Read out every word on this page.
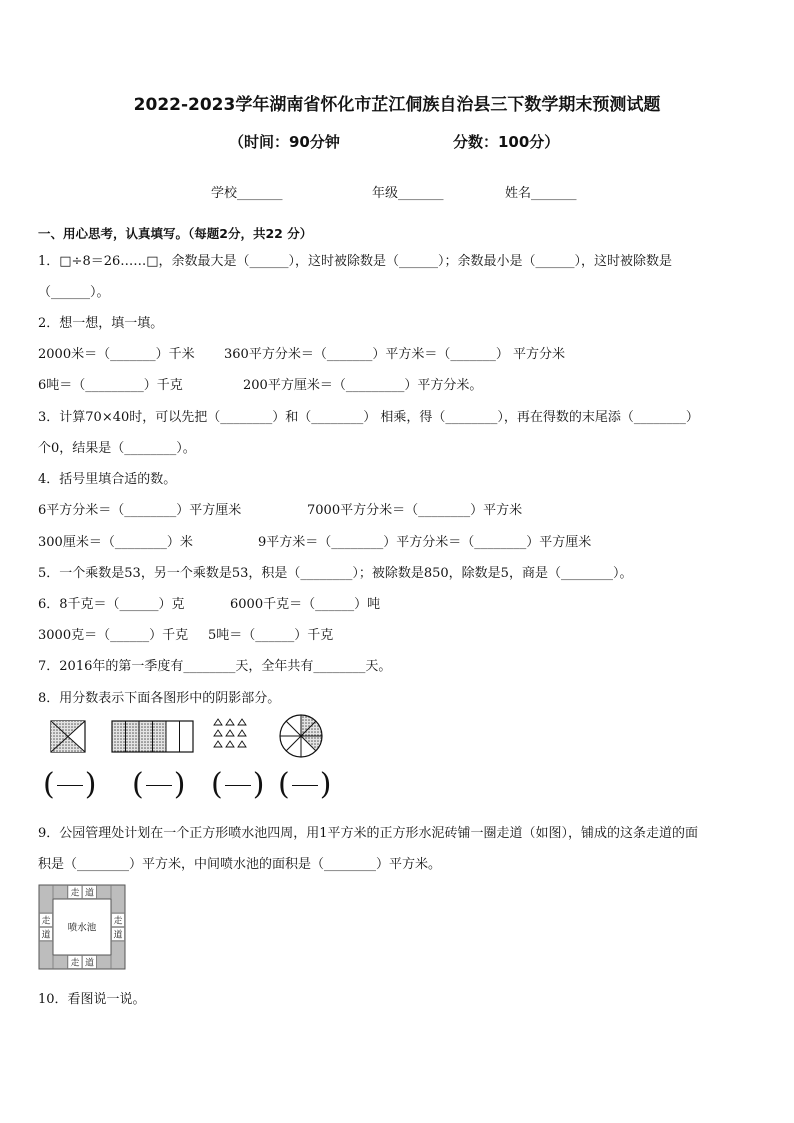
2022-2023学年湖南省怀化市芷江侗族自治县三下数学期末预测试题
（时间：90分钟	分数：100分）
学校_______	年级_______	姓名_______
一、用心思考，认真填写。（每题2分，共22 分）
1．□÷8＝26……□，余数最大是（______），这时被除数是（______）；余数最小是（______），这时被除数是
（______）。
2．想一想，填一填。
2000米＝（_______）千米 360平方分米＝（_______）平方米＝（_______） 平方分米
6吨＝（_________）千克	200平方厘米＝（_________）平方分米。
3．计算70×40时，可以先把（________）和（________） 相乘，得（________），再在得数的末尾添（________）
个0，结果是（________）。
4．括号里填合适的数。
6平方分米＝（________）平方厘米	7000平方分米＝（________）平方米
300厘米＝（________）米	9平方米＝（________）平方分米＝（________）平方厘米
5．一个乘数是53，另一个乘数是53，积是（________）；被除数是850，除数是5，商是（________）。
6．8千克＝（______）克	6000千克＝（______）吨
3000克＝（______）千克 5吨＝（______）千克
7．2016年的第一季度有________天，全年共有________天。
8．用分数表示下面各图形中的阴影部分。
( ) ( ) ( ) ( )
9．公园管理处计划在一个正方形喷水池四周，用1平方米的正方形水泥砖铺一圈走道（如图），铺成的这条走道的面
积是（________）平方米，中间喷水池的面积是（________）平方米。
走 道
走 道
走
道
走
道
喷水池
10．看图说一说。
